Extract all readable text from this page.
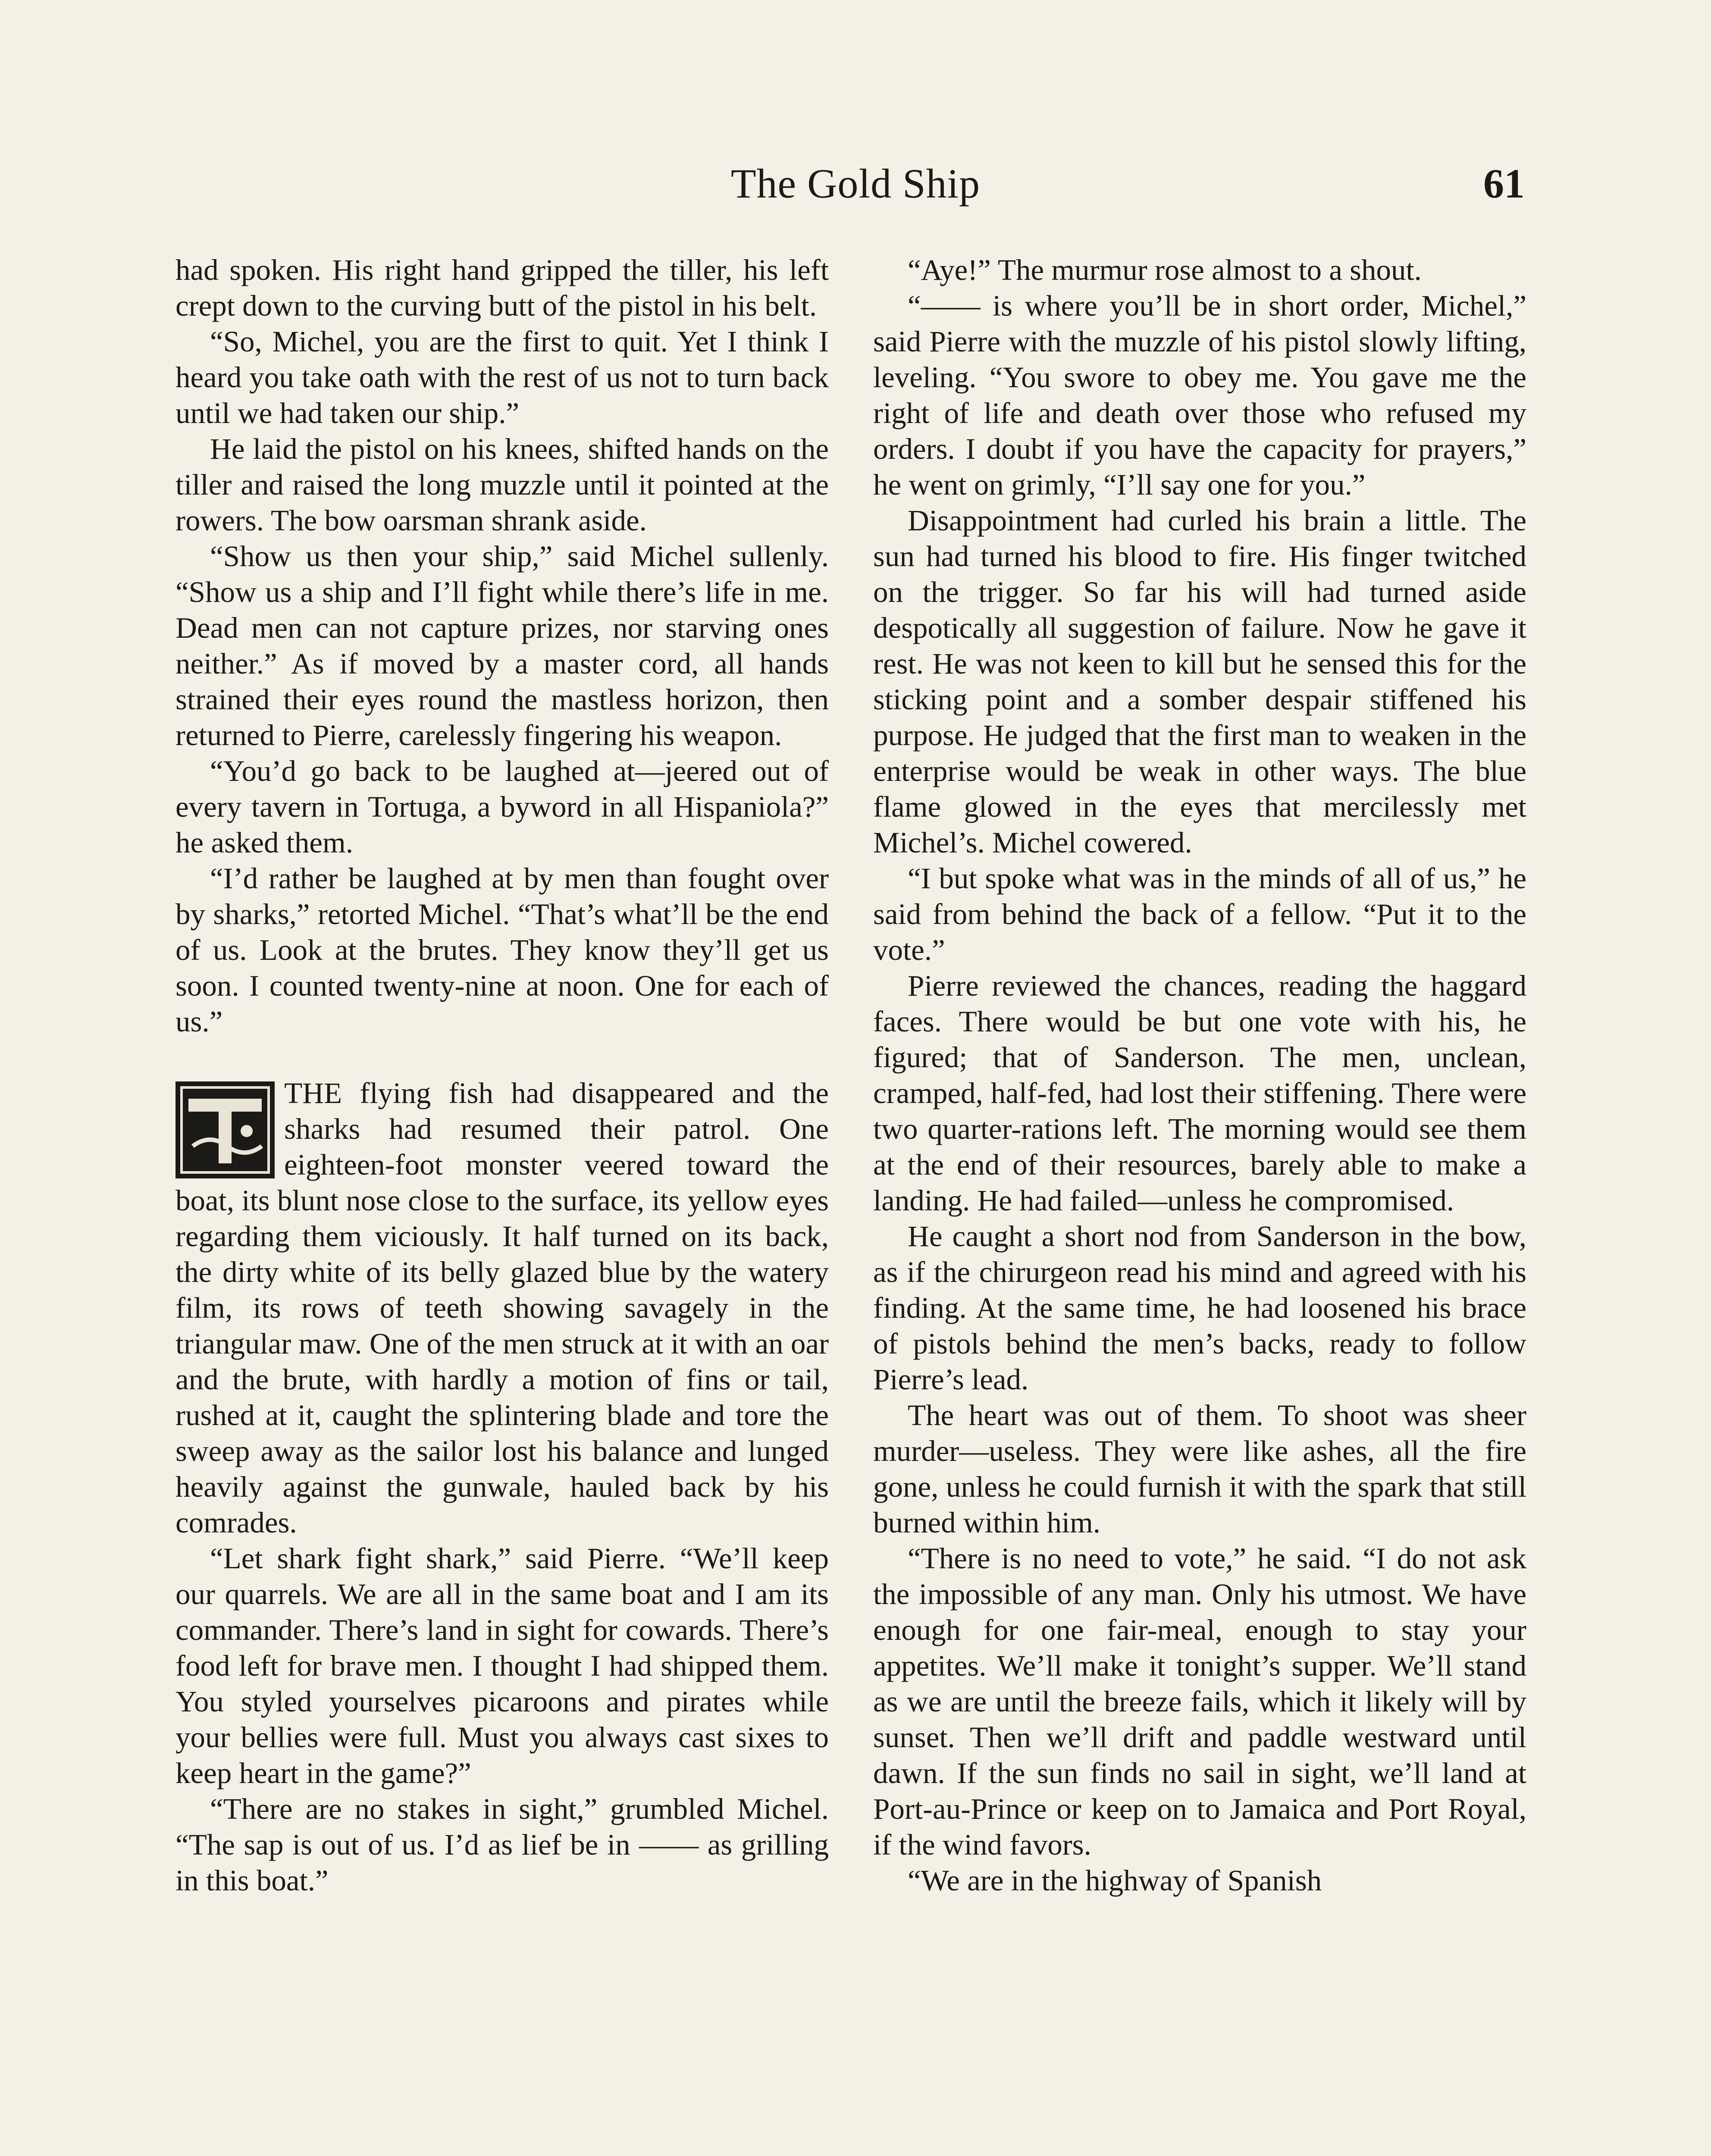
The Gold Ship	61

had spoken. His right hand gripped the tiller, his left crept down to the curving butt of the pistol in his belt.

“So, Michel, you are the first to quit. Yet I think I heard you take oath with the rest of us not to turn back until we had taken our ship.”

He laid the pistol on his knees, shifted hands on the tiller and raised the long muzzle until it pointed at the rowers. The bow oarsman shrank aside.

“Show us then your ship,” said Michel sullenly. “Show us a ship and I’ll fight while there’s life in me. Dead men can not capture prizes, nor starving ones neither.” As if moved by a master cord, all hands strained their eyes round the mastless horizon, then returned to Pierre, carelessly fingering his weapon.

“You’d go back to be laughed at—jeered out of every tavern in Tortuga, a byword in all Hispaniola?” he asked them.

“I’d rather be laughed at by men than fought over by sharks,” retorted Michel. “That’s what’ll be the end of us. Look at the brutes. They know they’ll get us soon. I counted twenty-nine at noon. One for each of us.”

THE flying fish had disappeared and the sharks had resumed their patrol. One eighteen-foot monster veered toward the boat, its blunt nose close to the surface, its yellow eyes regarding them viciously. It half turned on its back, the dirty white of its belly glazed blue by the watery film, its rows of teeth showing savagely in the triangular maw. One of the men struck at it with an oar and the brute, with hardly a motion of fins or tail, rushed at it, caught the splintering blade and tore the sweep away as the sailor lost his balance and lunged heavily against the gunwale, hauled back by his comrades.

“Let shark fight shark,” said Pierre. “We’ll keep our quarrels. We are all in the same boat and I am its commander. There’s land in sight for cowards. There’s food left for brave men. I thought I had shipped them. You styled yourselves picaroons and pirates while your bellies were full. Must you always cast sixes to keep heart in the game?”

“There are no stakes in sight,” grumbled Michel. “The sap is out of us. I’d as lief be in —— as grilling in this boat.”

“Aye!” The murmur rose almost to a shout.

“—— is where you’ll be in short order, Michel,” said Pierre with the muzzle of his pistol slowly lifting, leveling. “You swore to obey me. You gave me the right of life and death over those who refused my orders. I doubt if you have the capacity for prayers,” he went on grimly, “I’ll say one for you.”

Disappointment had curled his brain a little. The sun had turned his blood to fire. His finger twitched on the trigger. So far his will had turned aside despotically all suggestion of failure. Now he gave it rest. He was not keen to kill but he sensed this for the sticking point and a somber despair stiffened his purpose. He judged that the first man to weaken in the enterprise would be weak in other ways. The blue flame glowed in the eyes that mercilessly met Michel’s. Michel cowered.

“I but spoke what was in the minds of all of us,” he said from behind the back of a fellow. “Put it to the vote.”

Pierre reviewed the chances, reading the haggard faces. There would be but one vote with his, he figured; that of Sanderson. The men, unclean, cramped, half-fed, had lost their stiffening. There were two quarter-rations left. The morning would see them at the end of their resources, barely able to make a landing. He had failed—unless he compromised.

He caught a short nod from Sanderson in the bow, as if the chirurgeon read his mind and agreed with his finding. At the same time, he had loosened his brace of pistols behind the men’s backs, ready to follow Pierre’s lead.

The heart was out of them. To shoot was sheer murder—useless. They were like ashes, all the fire gone, unless he could furnish it with the spark that still burned within him.

“There is no need to vote,” he said. “I do not ask the impossible of any man. Only his utmost. We have enough for one fair-meal, enough to stay your appetites. We’ll make it tonight’s supper. We’ll stand as we are until the breeze fails, which it likely will by sunset. Then we’ll drift and paddle westward until dawn. If the sun finds no sail in sight, we’ll land at Port-au-Prince or keep on to Jamaica and Port Royal, if the wind favors.

“We are in the highway of Spanish
